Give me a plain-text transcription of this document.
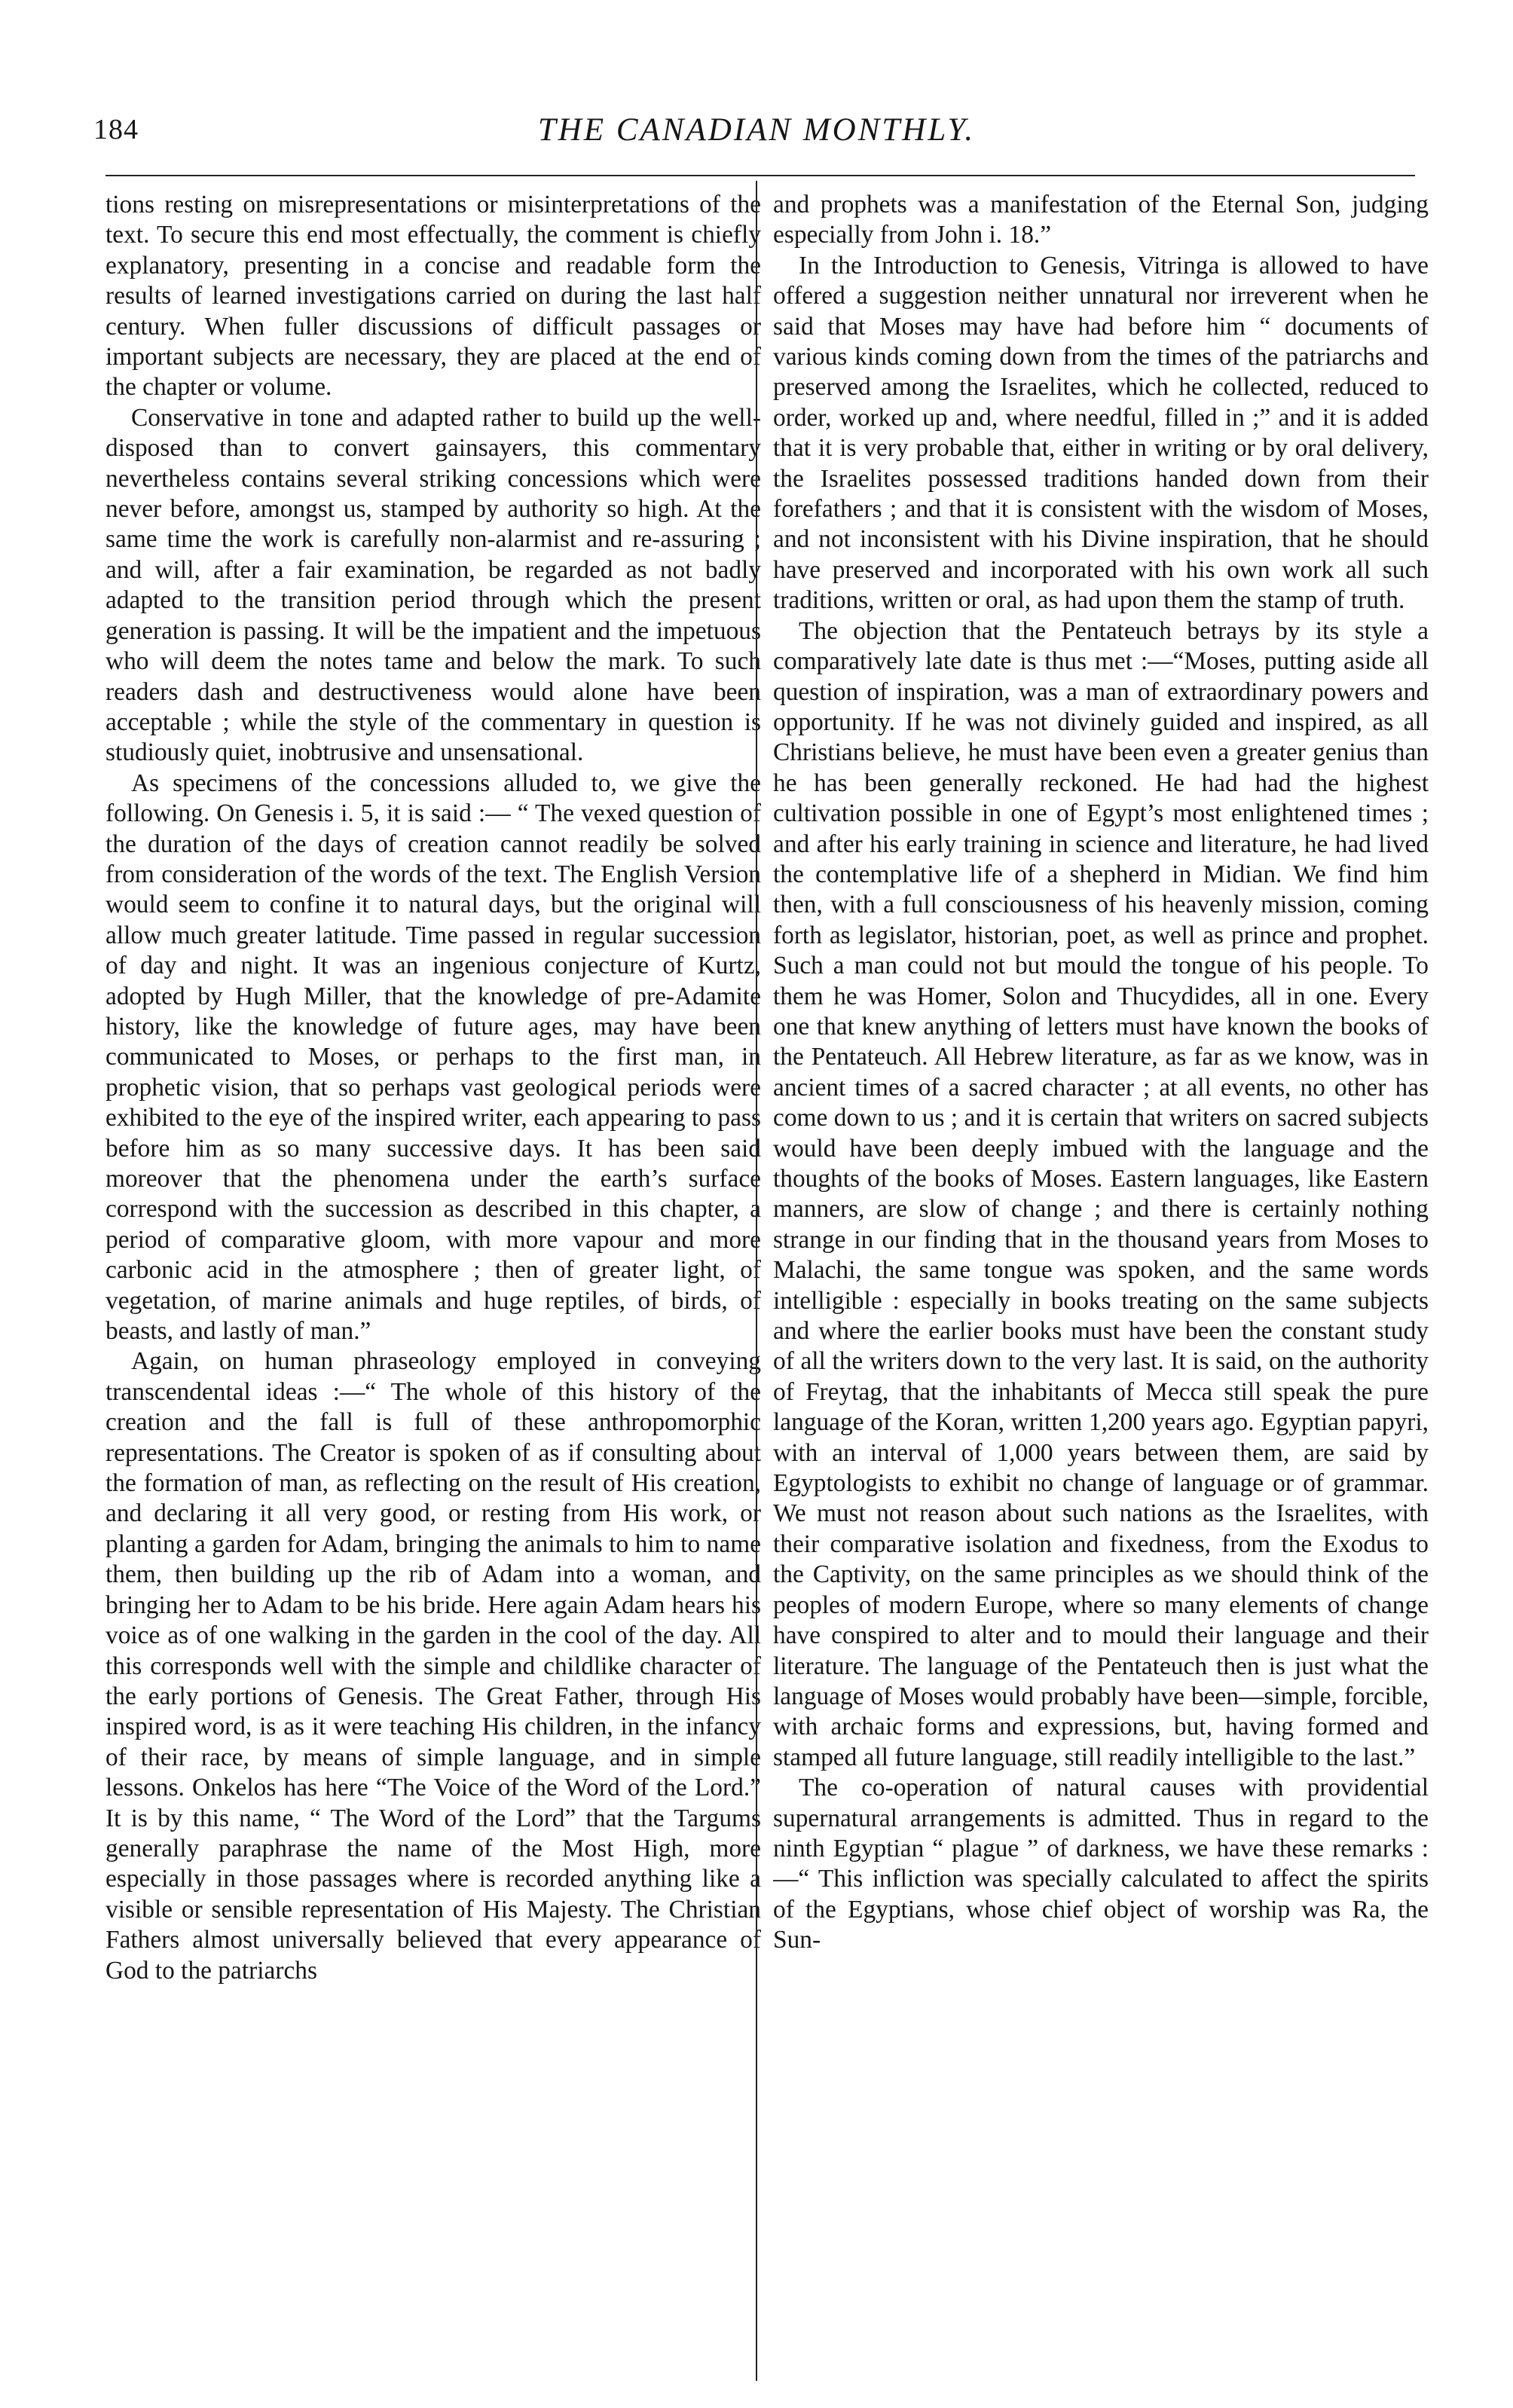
184	THE CANADIAN MONTHLY.

tions resting on misrepresentations or misinterpretations of the text. To secure this end most effectually, the comment is chiefly explanatory, presenting in a concise and readable form the results of learned investigations carried on during the last half century. When fuller discussions of difficult passages or important subjects are necessary, they are placed at the end of the chapter or volume.

Conservative in tone and adapted rather to build up the well-disposed than to convert gainsayers, this commentary nevertheless contains several striking concessions which were never before, amongst us, stamped by authority so high. At the same time the work is carefully non-alarmist and re-assuring ; and will, after a fair examination, be regarded as not badly adapted to the transition period through which the present generation is passing. It will be the impatient and the impetuous who will deem the notes tame and below the mark. To such readers dash and destructiveness would alone have been acceptable ; while the style of the commentary in question is studiously quiet, inobtrusive and unsensational.

As specimens of the concessions alluded to, we give the following. On Genesis i. 5, it is said :— “ The vexed question of the duration of the days of creation cannot readily be solved from consideration of the words of the text. The English Version would seem to confine it to natural days, but the original will allow much greater latitude. Time passed in regular succession of day and night. It was an ingenious conjecture of Kurtz, adopted by Hugh Miller, that the knowledge of pre-Adamite history, like the knowledge of future ages, may have been communicated to Moses, or perhaps to the first man, in prophetic vision, that so perhaps vast geological periods were exhibited to the eye of the inspired writer, each appearing to pass before him as so many successive days. It has been said moreover that the phenomena under the earth’s surface correspond with the succession as described in this chapter, a period of comparative gloom, with more vapour and more carbonic acid in the atmosphere ; then of greater light, of vegetation, of marine animals and huge reptiles, of birds, of beasts, and lastly of man.”

Again, on human phraseology employed in conveying transcendental ideas :—“ The whole of this history of the creation and the fall is full of these anthropomorphic representations. The Creator is spoken of as if consulting about the formation of man, as reflecting on the result of His creation, and declaring it all very good, or resting from His work, or planting a garden for Adam, bringing the animals to him to name them, then building up the rib of Adam into a woman, and bringing her to Adam to be his bride. Here again Adam hears his voice as of one walking in the garden in the cool of the day. All this corresponds well with the simple and childlike character of the early portions of Genesis. The Great Father, through His inspired word, is as it were teaching His children, in the infancy of their race, by means of simple language, and in simple lessons. Onkelos has here “The Voice of the Word of the Lord.” It is by this name, “ The Word of the Lord” that the Targums generally paraphrase the name of the Most High, more especially in those passages where is recorded anything like a visible or sensible representation of His Majesty. The Christian Fathers almost universally believed that every appearance of God to the patriarchs

and prophets was a manifestation of the Eternal Son, judging especially from John i. 18.”

In the Introduction to Genesis, Vitringa is allowed to have offered a suggestion neither unnatural nor irreverent when he said that Moses may have had before him “ documents of various kinds coming down from the times of the patriarchs and preserved among the Israelites, which he collected, reduced to order, worked up and, where needful, filled in ;” and it is added that it is very probable that, either in writing or by oral delivery, the Israelites possessed traditions handed down from their forefathers ; and that it is consistent with the wisdom of Moses, and not inconsistent with his Divine inspiration, that he should have preserved and incorporated with his own work all such traditions, written or oral, as had upon them the stamp of truth.

The objection that the Pentateuch betrays by its style a comparatively late date is thus met :—“Moses, putting aside all question of inspiration, was a man of extraordinary powers and opportunity. If he was not divinely guided and inspired, as all Christians believe, he must have been even a greater genius than he has been generally reckoned. He had had the highest cultivation possible in one of Egypt’s most enlightened times ; and after his early training in science and literature, he had lived the contemplative life of a shepherd in Midian. We find him then, with a full consciousness of his heavenly mission, coming forth as legislator, historian, poet, as well as prince and prophet. Such a man could not but mould the tongue of his people. To them he was Homer, Solon and Thucydides, all in one. Every one that knew anything of letters must have known the books of the Pentateuch. All Hebrew literature, as far as we know, was in ancient times of a sacred character ; at all events, no other has come down to us ; and it is certain that writers on sacred subjects would have been deeply imbued with the language and the thoughts of the books of Moses. Eastern languages, like Eastern manners, are slow of change ; and there is certainly nothing strange in our finding that in the thousand years from Moses to Malachi, the same tongue was spoken, and the same words intelligible : especially in books treating on the same subjects and where the earlier books must have been the constant study of all the writers down to the very last. It is said, on the authority of Freytag, that the inhabitants of Mecca still speak the pure language of the Koran, written 1,200 years ago. Egyptian papyri, with an interval of 1,000 years between them, are said by Egyptologists to exhibit no change of language or of grammar. We must not reason about such nations as the Israelites, with their comparative isolation and fixedness, from the Exodus to the Captivity, on the same principles as we should think of the peoples of modern Europe, where so many elements of change have conspired to alter and to mould their language and their literature. The language of the Pentateuch then is just what the language of Moses would probably have been—simple, forcible, with archaic forms and expressions, but, having formed and stamped all future language, still readily intelligible to the last.”

The co-operation of natural causes with providential supernatural arrangements is admitted. Thus in regard to the ninth Egyptian “ plague ” of darkness, we have these remarks :—“ This infliction was specially calculated to affect the spirits of the Egyptians, whose chief object of worship was Ra, the Sun-
